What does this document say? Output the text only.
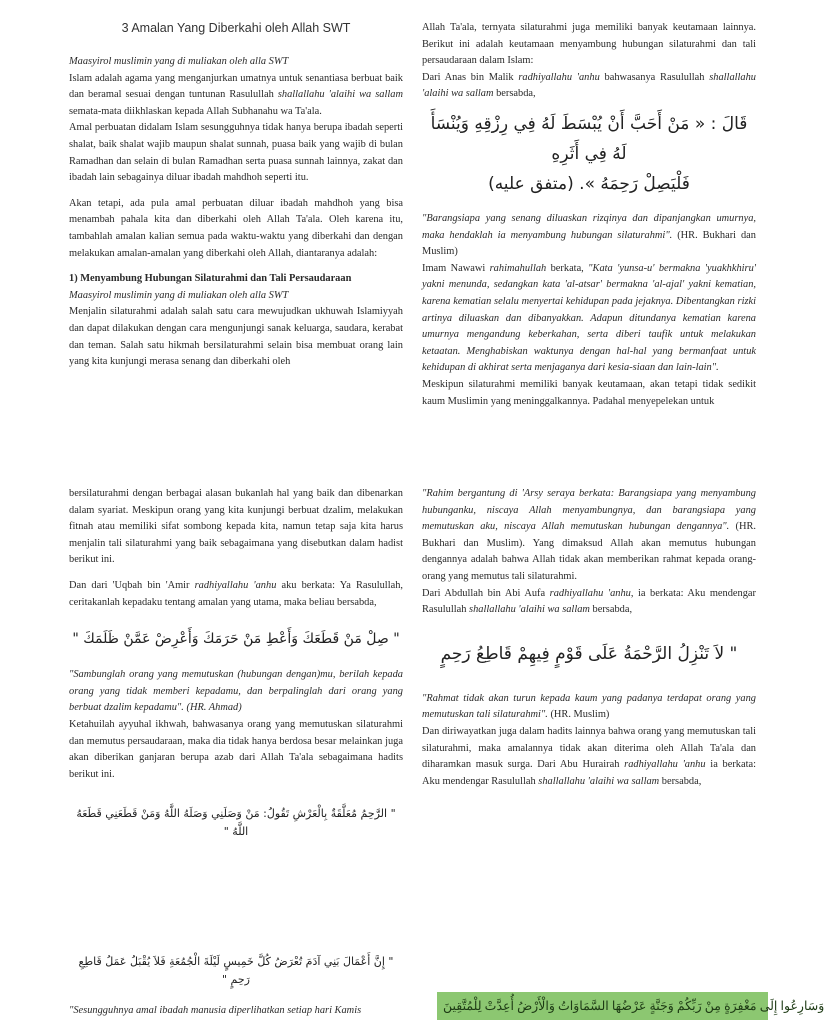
3 Amalan Yang Diberkahi oleh Allah SWT

Maasyirol muslimin yang di muliakan oleh alla SWT

Islam adalah agama yang menganjurkan umatnya untuk senantiasa berbuat baik dan beramal sesuai dengan tuntunan Rasulullah shallallahu 'alaihi wa sallam semata-mata diikhlaskan kepada Allah Subhanahu wa Ta'ala.

Amal perbuatan didalam Islam sesungguhnya tidak hanya berupa ibadah seperti shalat, baik shalat wajib maupun shalat sunnah, puasa baik yang wajib di bulan Ramadhan dan selain di bulan Ramadhan serta puasa sunnah lainnya, zakat dan ibadah lain sebagainya diluar ibadah mahdhoh seperti itu.

Akan tetapi, ada pula amal perbuatan diluar ibadah mahdhoh yang bisa menambah pahala kita dan diberkahi oleh Allah Ta'ala. Oleh karena itu, tambahlah amalan kalian semua pada waktu-waktu yang diberkahi dan dengan melakukan amalan-amalan yang diberkahi oleh Allah, diantaranya adalah:

1) Menyambung Hubungan Silaturahmi dan Tali Persaudaraan

Maasyirol muslimin yang di muliakan oleh alla SWT

Menjalin silaturahmi adalah salah satu cara mewujudkan ukhuwah Islamiyyah dan dapat dilakukan dengan cara mengunjungi sanak keluarga, saudara, kerabat dan teman. Salah satu hikmah bersilaturahmi selain bisa membuat orang lain yang kita kunjungi merasa senang dan diberkahi oleh

Allah Ta'ala, ternyata silaturahmi juga memiliki banyak keutamaan lainnya. Berikut ini adalah keutamaan menyambung hubungan silaturahmi dan tali persaudaraan dalam Islam:

Dari Anas bin Malik radhiyallahu 'anhu bahwasanya Rasulullah shallallahu 'alaihi wa sallam bersabda,

قَالَ : « مَنْ أَحَبَّ أَنْ يُبْسَطَ لَهُ فِي رِزْقِهِ وَيُنْسَأَ لَهُ فِي أَثَرِهِ
فَلْيَصِلْ رَحِمَهُ ». (متفق عليه)

"Barangsiapa yang senang diluaskan rizqinya dan dipanjangkan umurnya, maka hendaklah ia menyambung hubungan silaturahmi". (HR. Bukhari dan Muslim)

Imam Nawawi rahimahullah berkata, "Kata 'yunsa-u' bermakna 'yuakhkhiru' yakni menunda, sedangkan kata 'al-atsar' bermakna 'al-ajal' yakni kematian, karena kematian selalu menyertai kehidupan pada jejaknya. Dibentangkan rizki artinya diluaskan dan dibanyakkan. Adapun ditundanya kematian karena umurnya mengandung keberkahan, serta diberi taufik untuk melakukan ketaatan. Menghabiskan waktunya dengan hal-hal yang bermanfaat untuk kehidupan di akhirat serta menjaganya dari kesia-siaan dan lain-lain".

Meskipun silaturahmi memiliki banyak keutamaan, akan tetapi tidak sedikit kaum Muslimin yang meninggalkannya. Padahal menyepelekan untuk

bersilaturahmi dengan berbagai alasan bukanlah hal yang baik dan dibenarkan dalam syariat. Meskipun orang yang kita kunjungi berbuat dzalim, melakukan fitnah atau memiliki sifat sombong kepada kita, namun tetap saja kita harus menjalin tali silaturahmi yang baik sebagaimana yang disebutkan dalam hadist berikut ini.

Dan dari 'Uqbah bin 'Amir radhiyallahu 'anhu aku berkata: Ya Rasulullah, ceritakanlah kepadaku tentang amalan yang utama, maka beliau bersabda,

" صِلْ مَنْ قَطَعَكَ وَأَعْطِ مَنْ حَرَمَكَ وَأَعْرِضْ عَمَّنْ ظَلَمَكَ "

"Sambunglah orang yang memutuskan (hubungan dengan)mu, berilah kepada orang yang tidak memberi kepadamu, dan berpalinglah dari orang yang berbuat dzalim kepadamu". (HR. Ahmad)

Ketahuilah ayyuhal ikhwah, bahwasanya orang yang memutuskan silaturahmi dan memutus persaudaraan, maka dia tidak hanya berdosa besar melainkan juga akan diberikan ganjaran berupa azab dari Allah Ta'ala sebagaimana hadits berikut ini.

" الرَّحِمُ مُعَلَّقَةٌ بِالْعَرْشِ تَقُولُ: مَنْ وَصَلَنِي وَصَلَهُ اللَّهُ وَمَنْ قَطَعَنِي قَطَعَهُ اللَّهُ "
" إِنَّ أَعْمَالَ بَنِي آدَمَ تُعْرَضُ كُلَّ خَمِيسٍ لَيْلَةَ الْجُمُعَةِ فَلاَ يُقْبَلُ عَمَلُ قَاطِعِ رَحِمٍ "

"Sesungguhnya amal ibadah manusia diperlihatkan setiap hari Kamis

"Rahim bergantung di 'Arsy seraya berkata: Barangsiapa yang menyambung hubunganku, niscaya Allah menyambungnya, dan barangsiapa yang memutuskan aku, niscaya Allah memutuskan hubungan dengannya". (HR. Bukhari dan Muslim). Yang dimaksud Allah akan memutus hubungan dengannya adalah bahwa Allah tidak akan memberikan rahmat kepada orang-orang yang memutus tali silaturahmi.

Dari Abdullah bin Abi Aufa radhiyallahu 'anhu, ia berkata: Aku mendengar Rasulullah shallallahu 'alaihi wa sallam bersabda,

" لاَ تَنْزِلُ الرَّحْمَةُ عَلَى قَوْمٍ فِيهِمْ قَاطِعُ رَحِمٍ

"Rahmat tidak akan turun kepada kaum yang padanya terdapat orang yang memutuskan tali silaturahmi". (HR. Muslim)

Dan diriwayatkan juga dalam hadits lainnya bahwa orang yang memutuskan tali silaturahmi, maka amalannya tidak akan diterima oleh Allah Ta'ala dan diharamkan masuk surga. Dari Abu Hurairah radhiyallahu 'anhu ia berkata: Aku mendengar Rasulullah shallallahu 'alaihi wa sallam bersabda,

وَسَارِعُوا إِلَى مَغْفِرَةٍ مِنْ رَبِّكُمْ وَجَنَّةٍ عَرْضُهَا السَّمَاوَاتُ وَالْأَرْضُ أُعِدَّتْ لِلْمُتَّقِينَ
